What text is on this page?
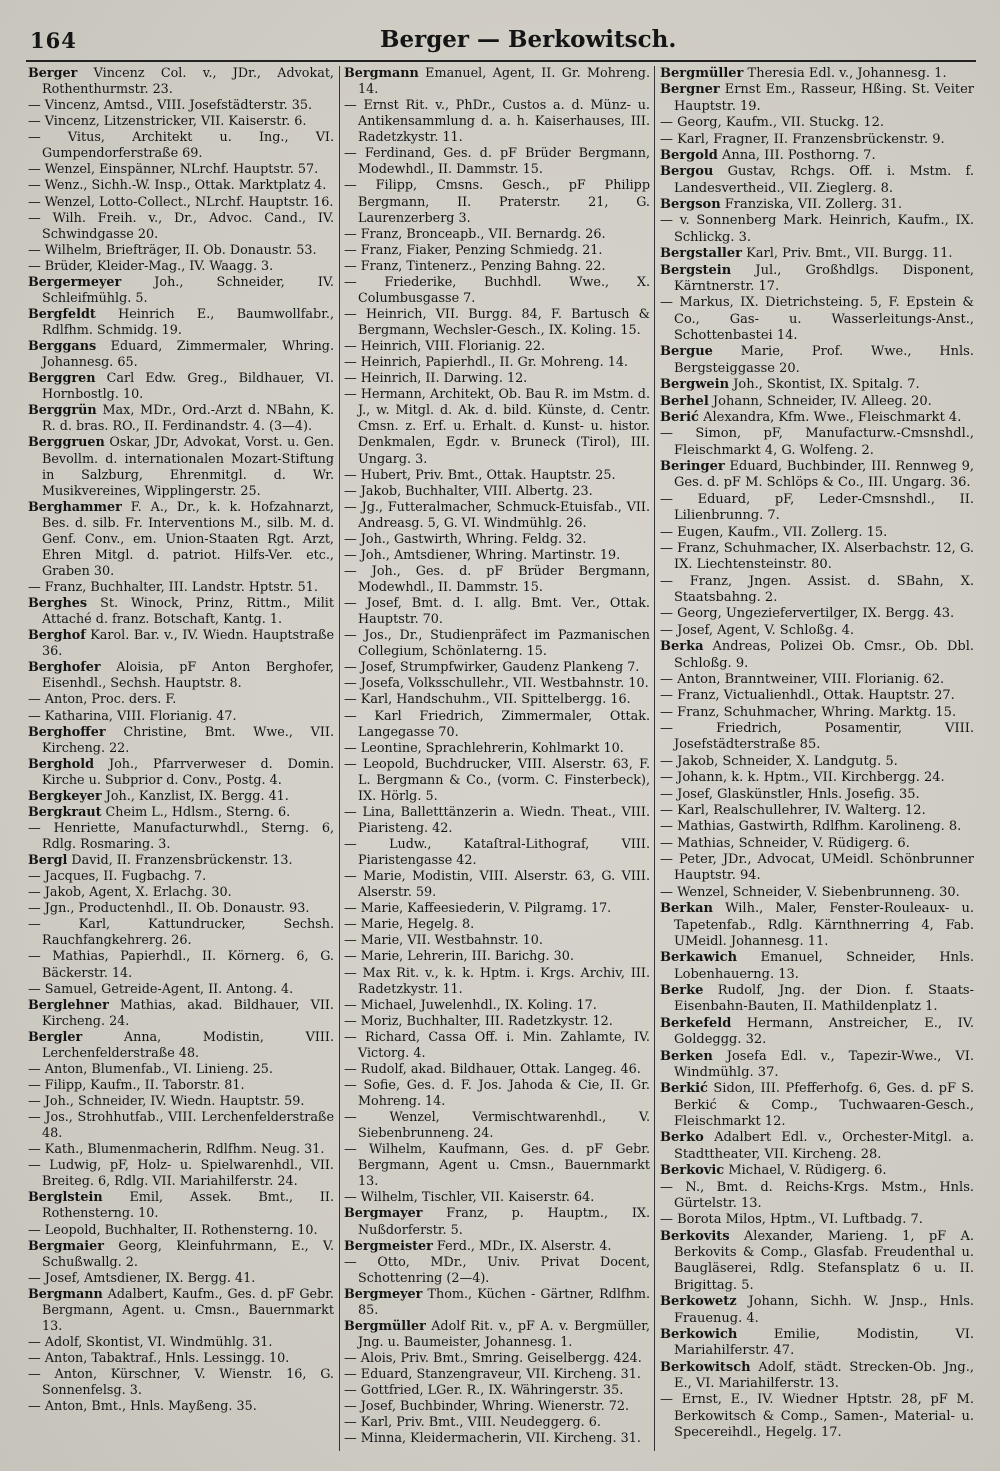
164	Berger — Berkowitsch.
Berger Vincenz Col. v., JDr., Advokat, Rothenthurmstr. 23.
— Vincenz, Amtsd., VIII. Josefstädterstr. 35.
— Vincenz, Litzenstricker, VII. Kaiserstr. 6.
— Vitus, Architekt u. Ing., VI. Gumpendorferstraße 69.
— Wenzel, Einspänner, NLrchf. Hauptstr. 57.
— Wenz., Sichh.-W. Insp., Ottak. Marktplatz 4.
— Wenzel, Lotto-Collect., NLrchf. Hauptstr. 16.
— Wilh. Freih. v., Dr., Advoc. Cand., IV. Schwindgasse 20.
— Wilhelm, Briefträger, II. Ob. Donaustr. 53.
— Brüder, Kleider-Mag., IV. Waagg. 3.
Bergermeyer Joh., Schneider, IV. Schleifmühlg. 5.
Bergfeldt Heinrich E., Baumwollfabr., Rdlfhm. Schmidg. 19.
Berggans Eduard, Zimmermaler, Whring. Johannesg. 65.
Berggren Carl Edw. Greg., Bildhauer, VI. Hornbostlg. 10.
Berggrün Max, MDr., Ord.-Arzt d. NBahn, K. R. d. bras. RO., II. Ferdinandstr. 4. (3—4).
Berggruen Oskar, JDr, Advokat, Vorst. u. Gen. Bevollm. d. internationalen Mozart-Stiftung in Salzburg, Ehrenmitgl. d. Wr. Musikvereines, Wipplingerstr. 25.
Berghammer F. A., Dr., k. k. Hofzahnarzt, Bes. d. silb. Fr. Interventions M., silb. M. d. Genf. Conv., em. Union-Staaten Rgt. Arzt, Ehren Mitgl. d. patriot. Hilfs-Ver. etc., Graben 30.
— Franz, Buchhalter, III. Landstr. Hptstr. 51.
Berghes St. Winock, Prinz, Rittm., Milit Attaché d. franz. Botschaft, Kantg. 1.
Berghof Karol. Bar. v., IV. Wiedn. Hauptstraße 36.
Berghofer Aloisia, pF Anton Berghofer, Eisenhdl., Sechsh. Hauptstr. 8.
— Anton, Proc. ders. F.
— Katharina, VIII. Florianig. 47.
Berghoffer Christine, Bmt. Wwe., VII. Kircheng. 22.
Berghold Joh., Pfarrverweser d. Domin. Kirche u. Subprior d. Conv., Postg. 4.
Bergkeyer Joh., Kanzlist, IX. Bergg. 41.
Bergkraut Cheim L., Hdlsm., Sterng. 6.
— Henriette, Manufacturwhdl., Sterng. 6, Rdlg. Rosmaring. 3.
Bergl David, II. Franzensbrückenstr. 13.
— Jacques, II. Fugbachg. 7.
— Jakob, Agent, X. Erlachg. 30.
— Jgn., Productenhdl., II. Ob. Donaustr. 93.
— Karl, Kattundrucker, Sechsh. Rauchfangkehrerg. 26.
— Mathias, Papierhdl., II. Körnerg. 6, G. Bäckerstr. 14.
— Samuel, Getreide-Agent, II. Antong. 4.
Berglehner Mathias, akad. Bildhauer, VII. Kircheng. 24.
Bergler Anna, Modistin, VIII. Lerchenfelderstraße 48.
— Anton, Blumenfab., VI. Linieng. 25.
— Filipp, Kaufm., II. Taborstr. 81.
— Joh., Schneider, IV. Wiedn. Hauptstr. 59.
— Jos., Strohhutfab., VIII. Lerchenfelderstraße 48.
— Kath., Blumenmacherin, Rdlfhm. Neug. 31.
— Ludwig, pF, Holz- u. Spielwarenhdl., VII. Breiteg. 6, Rdlg. VII. Mariahilferstr. 24.
Berglstein Emil, Assek. Bmt., II. Rothensterng. 10.
— Leopold, Buchhalter, II. Rothensterng. 10.
Bergmaier Georg, Kleinfuhrmann, E., V. Schußwallg. 2.
— Josef, Amtsdiener, IX. Bergg. 41.
Bergmann Adalbert, Kaufm., Ges. d. pF Gebr. Bergmann, Agent. u. Cmsn., Bauernmarkt 13.
— Adolf, Skontist, VI. Windmühlg. 31.
— Anton, Tabaktraf., Hnls. Lessingg. 10.
— Anton, Kürschner, V. Wienstr. 16, G. Sonnenfelsg. 3.
— Anton, Bmt., Hnls. Mayßeng. 35.
Bergmann Emanuel, Agent, II. Gr. Mohreng. 14.
— Ernst Rit. v., PhDr., Custos a. d. Münz- u. Antikensammlung d. a. h. Kaiserhauses, III. Radetzkystr. 11.
— Ferdinand, Ges. d. pF Brüder Bergmann, Modewhdl., II. Dammstr. 15.
— Filipp, Cmsns. Gesch., pF Philipp Bergmann, II. Praterstr. 21, G. Laurenzerberg 3.
— Franz, Bronceарb., VII. Bernardg. 26.
— Franz, Fiaker, Penzing Schmiedg. 21.
— Franz, Tintenerz., Penzing Bahng. 22.
— Friederike, Buchhdl. Wwe., X. Columbusgasse 7.
— Heinrich, VII. Burgg. 84, F. Bartusch & Bergmann, Wechsler-Gesch., IX. Koling. 15.
— Heinrich, VIII. Florianig. 22.
— Heinrich, Papierhdl., II. Gr. Mohreng. 14.
— Heinrich, II. Darwing. 12.
— Hermann, Architekt, Ob. Bau R. im Mstm. d. J., w. Mitgl. d. Ak. d. bild. Künste, d. Centr. Cmsn. z. Erf. u. Erhalt. d. Kunst- u. histor. Denkmalen, Egdr. v. Bruneck (Tirol), III. Ungarg. 3.
— Hubert, Priv. Bmt., Ottak. Hauptstr. 25.
— Jakob, Buchhalter, VIII. Albertg. 23.
— Jg., Futteralmacher, Schmuck-Etuisfab., VII. Andreasg. 5, G. VI. Windmühlg. 26.
— Joh., Gastwirth, Whring. Feldg. 32.
— Joh., Amtsdiener, Whring. Martinstr. 19.
— Joh., Ges. d. pF Brüder Bergmann, Modewhdl., II. Dammstr. 15.
— Josef, Bmt. d. I. allg. Bmt. Ver., Ottak. Hauptstr. 70.
— Jos., Dr., Studienpräfect im Pazmanischen Collegium, Schönlaterng. 15.
— Josef, Strumpfwirker, Gaudenz Plankeng 7.
— Josefa, Volksschullehr., VII. Westbahnstr. 10.
— Karl, Handschuhm., VII. Spittelbergg. 16.
— Karl Friedrich, Zimmermaler, Ottak. Langegasse 70.
— Leontine, Sprachlehrerin, Kohlmarkt 10.
— Leopold, Buchdrucker, VIII. Alserstr. 63, F. L. Bergmann & Co., (vorm. C. Finsterbeck), IX. Hörlg. 5.
— Lina, Balletttänzerin a. Wiedn. Theat., VIII. Piaristeng. 42.
— Ludw., Kataſtral-Lithograf, VIII. Piaristengasse 42.
— Marie, Modistin, VIII. Alserstr. 63, G. VIII. Alserstr. 59.
— Marie, Kaffeesiederin, V. Pilgramg. 17.
— Marie, Hegelg. 8.
— Marie, VII. Westbahnstr. 10.
— Marie, Lehrerin, III. Barichg. 30.
— Max Rit. v., k. k. Hptm. i. Krgs. Archiv, III. Radetzkystr. 11.
— Michael, Juwelenhdl., IX. Koling. 17.
— Moriz, Buchhalter, III. Radetzkystr. 12.
— Richard, Cassa Off. i. Min. Zahlamte, IV. Victorg. 4.
— Rudolf, akad. Bildhauer, Ottak. Langeg. 46.
— Sofie, Ges. d. F. Jos. Jahoda & Cie, II. Gr. Mohreng. 14.
— Wenzel, Vermischtwarenhdl., V. Siebenbrunneng. 24.
— Wilhelm, Kaufmann, Ges. d. pF Gebr. Bergmann, Agent u. Cmsn., Bauernmarkt 13.
— Wilhelm, Tischler, VII. Kaiserstr. 64.
Bergmayer Franz, p. Hauptm., IX. Nußdorferstr. 5.
Bergmeister Ferd., MDr., IX. Alserstr. 4.
— Otto, MDr., Univ. Privat Docent, Schottenring (2—4).
Bergmeyer Thom., Küchen - Gärtner, Rdlfhm. 85.
Bergmüller Adolf Rit. v., pF A. v. Bergmüller, Jng. u. Baumeister, Johannesg. 1.
— Alois, Priv. Bmt., Smring. Geiselbergg. 424.
— Eduard, Stanzengraveur, VII. Kircheng. 31.
— Gottfried, LGer. R., IX. Währingerstr. 35.
— Josef, Buchbinder, Whring. Wienerstr. 72.
— Karl, Priv. Bmt., VIII. Neudeggerg. 6.
— Minna, Kleidermacherin, VII. Kircheng. 31.
Bergmüller Theresia Edl. v., Johannesg. 1.
Bergner Ernst Em., Rasseur, Hßing. St. Veiter Hauptstr. 19.
— Georg, Kaufm., VII. Stuckg. 12.
— Karl, Fragner, II. Franzensbrückenstr. 9.
Bergold Anna, III. Posthorng. 7.
Bergou Gustav, Rchgs. Off. i. Mstm. f. Landesvertheid., VII. Zieglerg. 8.
Bergson Franziska, VII. Zollerg. 31.
— v. Sonnenberg Mark. Heinrich, Kaufm., IX. Schlickg. 3.
Bergstaller Karl, Priv. Bmt., VII. Burgg. 11.
Bergstein Jul., Großhdlgs. Disponent, Kärntnerstr. 17.
— Markus, IX. Dietrichsteing. 5, F. Epstein & Co., Gas- u. Wasserleitungs-Anst., Schottenbastei 14.
Bergue Marie, Prof. Wwe., Hnls. Bergsteiggasse 20.
Bergwein Joh., Skontist, IX. Spitalg. 7.
Berhel Johann, Schneider, IV. Alleeg. 20.
Berić Alexandra, Kfm. Wwe., Fleischmarkt 4.
— Simon, pF, Manufacturw.-Cmsnshdl., Fleischmarkt 4, G. Wolfeng. 2.
Beringer Eduard, Buchbinder, III. Rennweg 9, Ges. d. pF M. Schlöps & Co., III. Ungarg. 36.
— Eduard, pF, Leder-Cmsnshdl., II. Lilienbrunng. 7.
— Eugen, Kaufm., VII. Zollerg. 15.
— Franz, Schuhmacher, IX. Alserbachstr. 12, G. IX. Liechtensteinstr. 80.
— Franz, Jngen. Assist. d. SBahn, X. Staatsbahng. 2.
— Georg, Ungeziefervertilger, IX. Bergg. 43.
— Josef, Agent, V. Schloßg. 4.
Berka Andreas, Polizei Ob. Cmsr., Ob. Dbl. Schloßg. 9.
— Anton, Branntweiner, VIII. Florianig. 62.
— Franz, Victualienhdl., Ottak. Hauptstr. 27.
— Franz, Schuhmacher, Whring. Marktg. 15.
— Friedrich, Posamentir, VIII. Josefstädterstraße 85.
— Jakob, Schneider, X. Landgutg. 5.
— Johann, k. k. Hptm., VII. Kirchbergg. 24.
— Josef, Glaskünstler, Hnls. Josefig. 35.
— Karl, Realschullehrer, IV. Walterg. 12.
— Mathias, Gastwirth, Rdlfhm. Karolineng. 8.
— Mathias, Schneider, V. Rüdigerg. 6.
— Peter, JDr., Advocat, UMeidl. Schönbrunner Hauptstr. 94.
— Wenzel, Schneider, V. Siebenbrunneng. 30.
Berkan Wilh., Maler, Fenster-Rouleaux- u. Tapetenfab., Rdlg. Kärnthnerring 4, Fab. UMeidl. Johannesg. 11.
Berkawich Emanuel, Schneider, Hnls. Lobenhauerng. 13.
Berke Rudolf, Jng. der Dion. f. Staats-Eisenbahn-Bauten, II. Mathildenplatz 1.
Berkefeld Hermann, Anstreicher, E., IV. Goldeggg. 32.
Berken Josefa Edl. v., Tapezir-Wwe., VI. Windmühlg. 37.
Berkić Sidon, III. Pfefferhofg. 6, Ges. d. pF S. Berkić & Comp., Tuchwaaren-Gesch., Fleischmarkt 12.
Berko Adalbert Edl. v., Orchester-Mitgl. a. Stadttheater, VII. Kircheng. 28.
Berkovic Michael, V. Rüdigerg. 6.
— N., Bmt. d. Reichs-Krgs. Mstm., Hnls. Gürtelstr. 13.
— Borota Milos, Hptm., VI. Luftbadg. 7.
Berkovits Alexander, Marieng. 1, pF A. Berkovits & Comp., Glasfab. Freudenthal u. Baugläserei, Rdlg. Stefansplatz 6 u. II. Brigittag. 5.
Berkowetz Johann, Sichh. W. Jnsp., Hnls. Frauenug. 4.
Berkowich Emilie, Modistin, VI. Mariahilferstr. 47.
Berkowitsch Adolf, städt. Strecken-Ob. Jng., E., VI. Mariahilferstr. 13.
— Ernst, E., IV. Wiedner Hptstr. 28, pF M. Berkowitsch & Comp., Samen-, Material- u. Specereihdl., Hegelg. 17.
